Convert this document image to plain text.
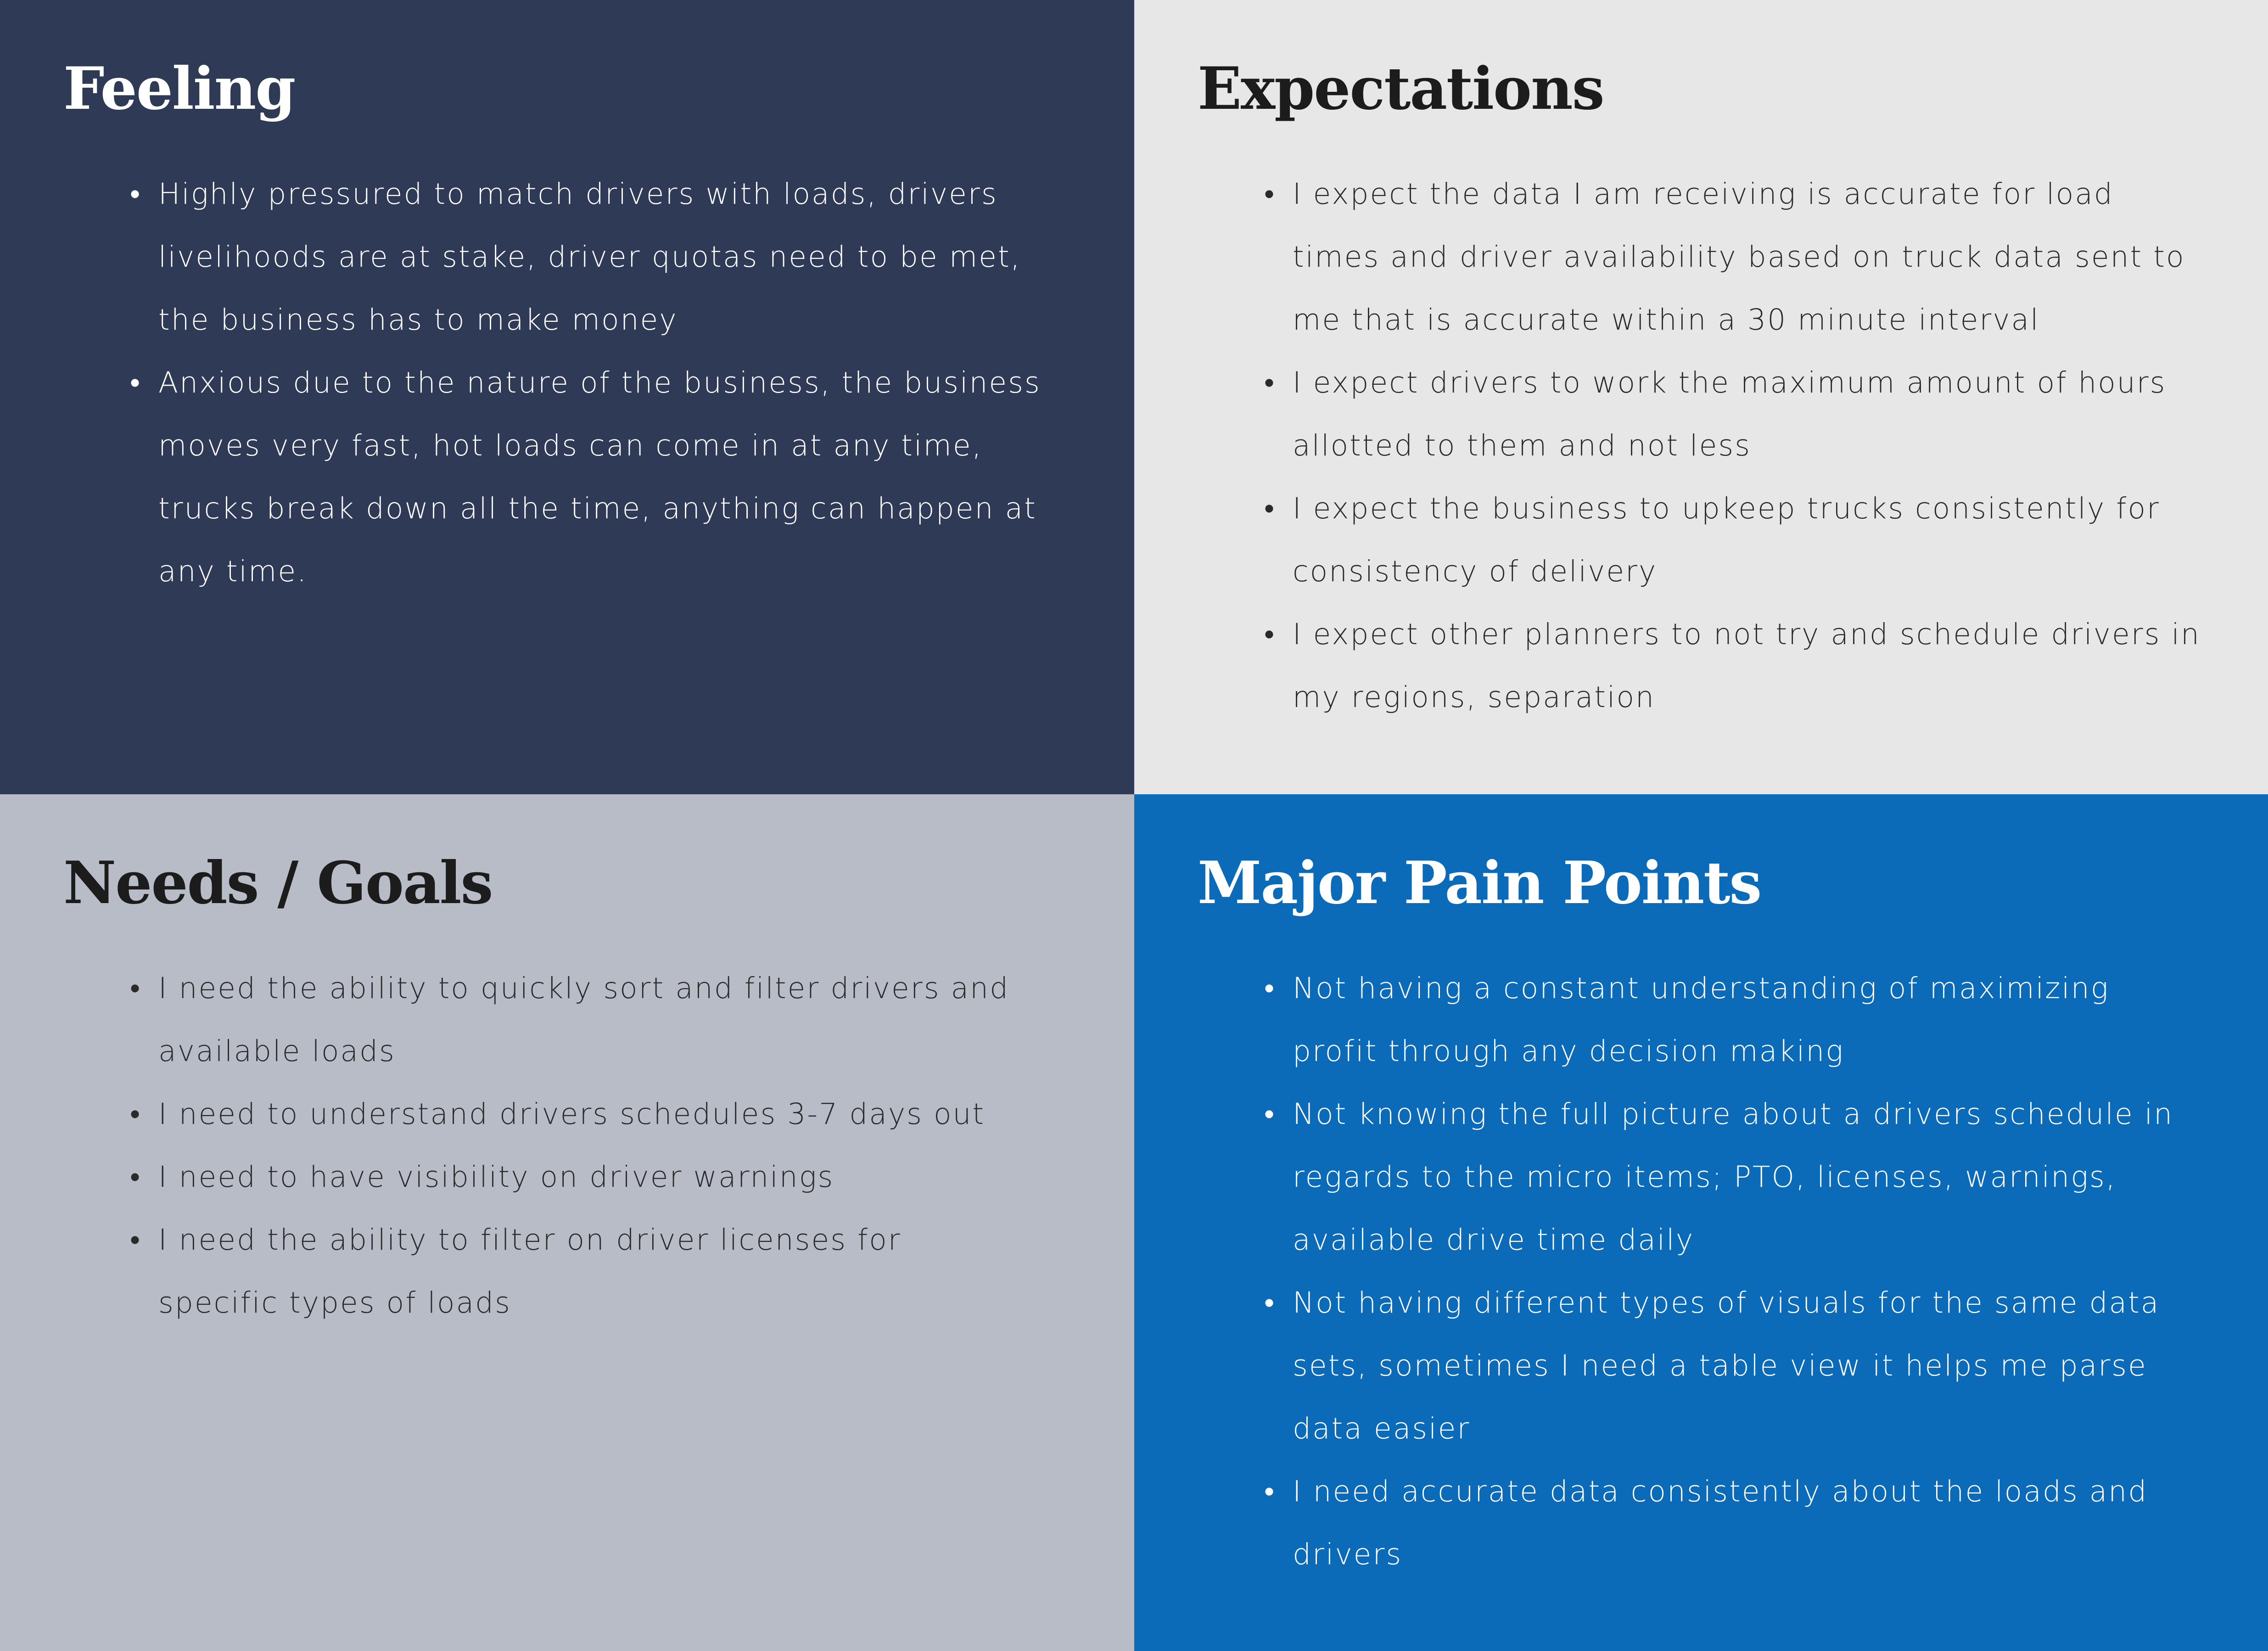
Feeling
• Highly pressured to match drivers with loads, drivers livelihoods are at stake, driver quotas need to be met, the business has to make money
• Anxious due to the nature of the business, the business moves very fast, hot loads can come in at any time, trucks break down all the time, anything can happen at any time.
Expectations
• I expect the data I am receiving is accurate for load times and driver availability based on truck data sent to me that is accurate within a 30 minute interval
• I expect drivers to work the maximum amount of hours allotted to them and not less
• I expect the business to upkeep trucks consistently for consistency of delivery
• I expect other planners to not try and schedule drivers in my regions, separation
Needs / Goals
• I need the ability to quickly sort and filter drivers and available loads
• I need to understand drivers schedules 3-7 days out
• I need to have visibility on driver warnings
• I need the ability to filter on driver licenses for specific types of loads
Major Pain Points
• Not having a constant understanding of maximizing profit through any decision making
• Not knowing the full picture about a drivers schedule in regards to the micro items; PTO, licenses, warnings, available drive time daily
• Not having different types of visuals for the same data sets, sometimes I need a table view it helps me parse data easier
• I need accurate data consistently about the loads and drivers
